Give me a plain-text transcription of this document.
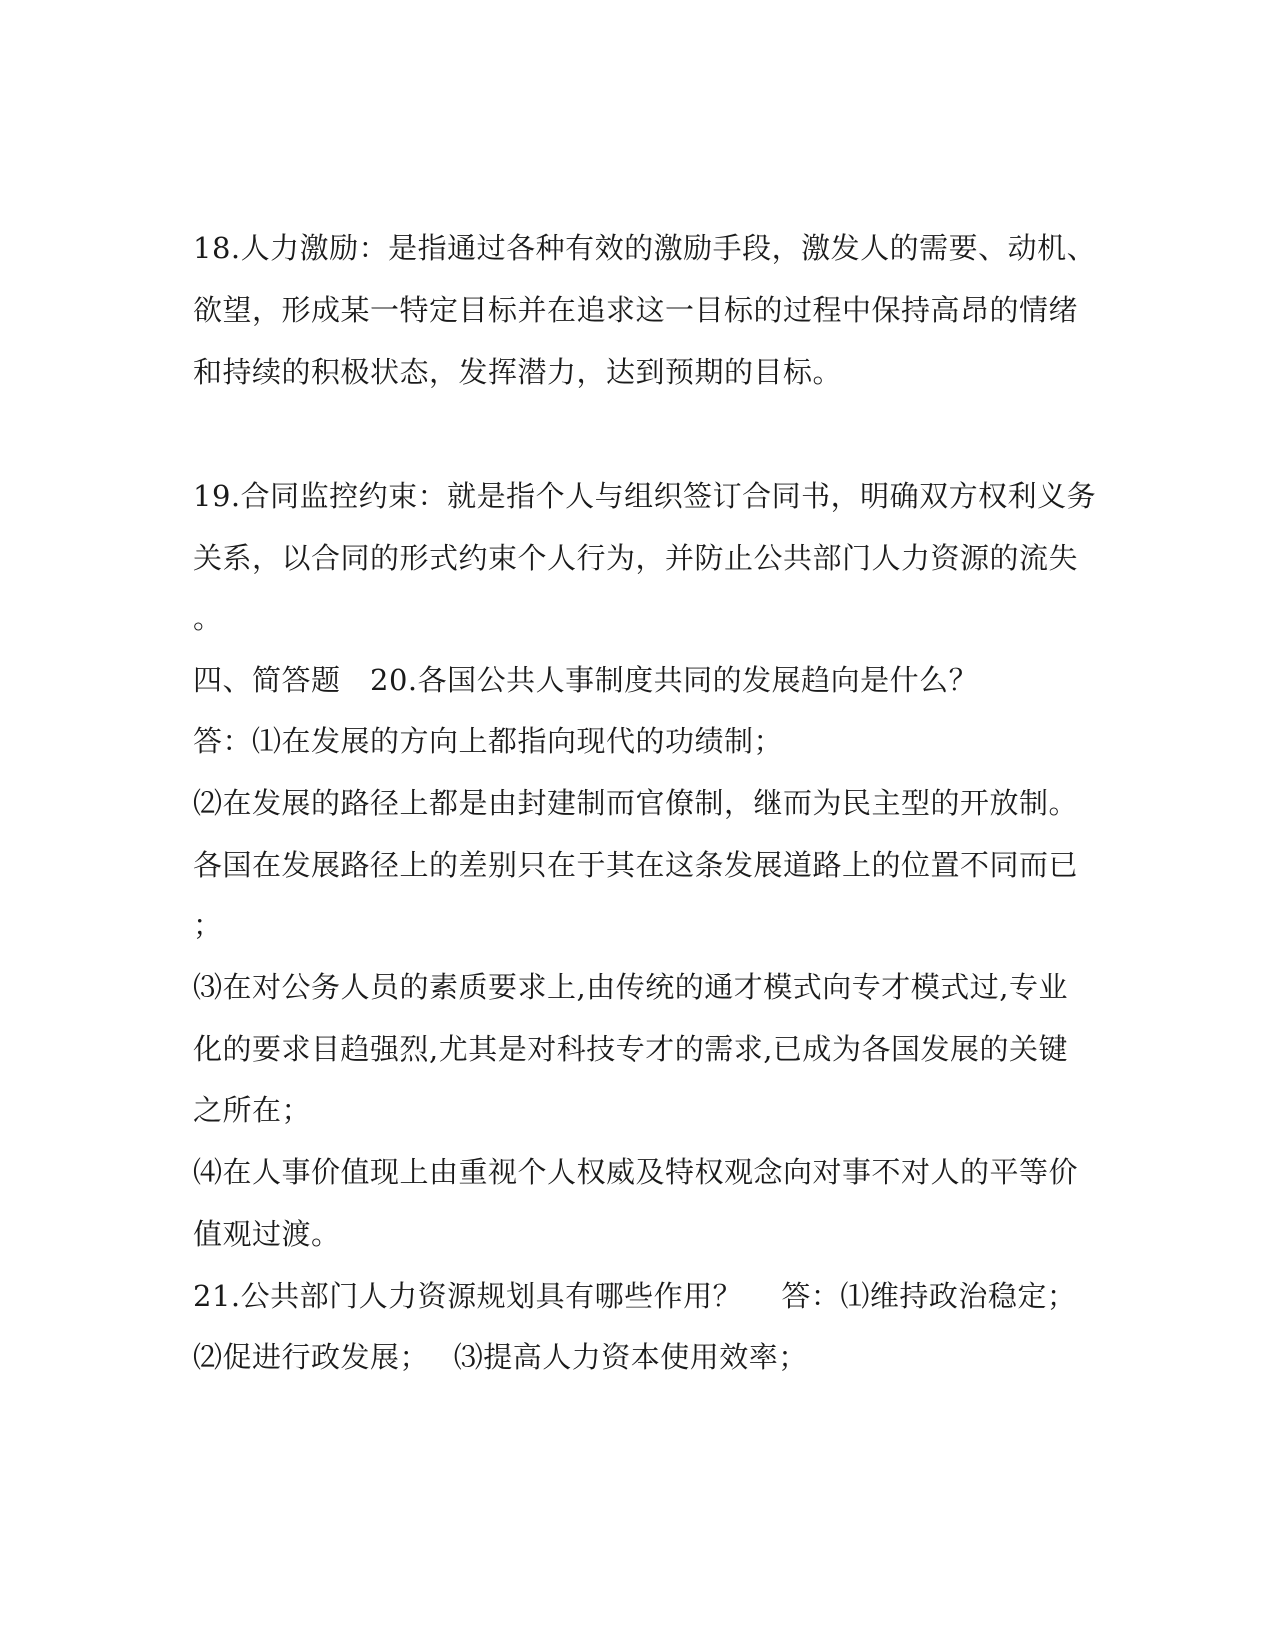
18.人力激励：是指通过各种有效的激励手段，激发人的需要、动机、
欲望，形成某一特定目标并在追求这一目标的过程中保持高昂的情绪
和持续的积极状态，发挥潜力，达到预期的目标。
19.合同监控约束：就是指个人与组织签订合同书，明确双方权利义务
关系，以合同的形式约束个人行为，并防止公共部门人力资源的流失
。
四、简答题　20.各国公共人事制度共同的发展趋向是什么？
答：⑴在发展的方向上都指向现代的功绩制；
⑵在发展的路径上都是由封建制而官僚制，继而为民主型的开放制。
各国在发展路径上的差别只在于其在这条发展道路上的位置不同而已
；
⑶在对公务人员的素质要求上,由传统的通才模式向专才模式过,专业
化的要求目趋强烈,尤其是对科技专才的需求,已成为各国发展的关键
之所在；
⑷在人事价值现上由重视个人权威及特权观念向对事不对人的平等价
值观过渡。
21.公共部门人力资源规划具有哪些作用？　 答：⑴维持政治稳定；
⑵促进行政发展；　 ⑶提高人力资本使用效率；
